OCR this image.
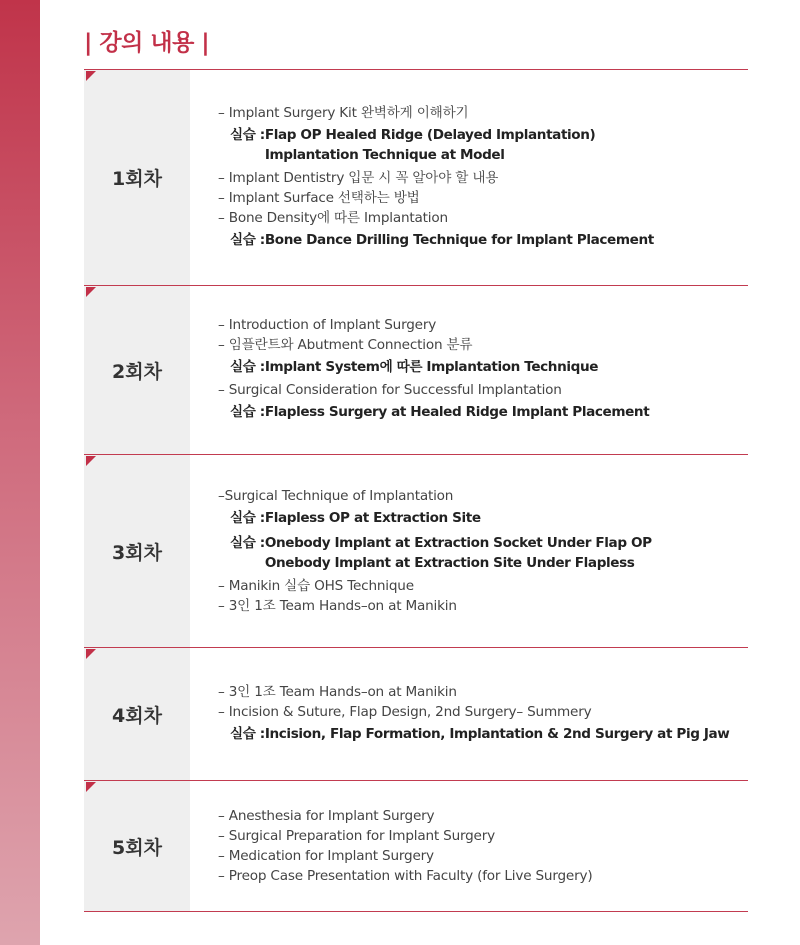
| 강의 내용 |
1회차
– Implant Surgery Kit 완벽하게 이해하기
실습 : Flap OP Healed Ridge (Delayed Implantation)
Implantation Technique at Model
– Implant Dentistry 입문 시 꼭 알아야 할 내용
– Implant Surface 선택하는 방법
– Bone Density에 따른 Implantation
실습 : Bone Dance Drilling Technique for Implant Placement
2회차
– Introduction of Implant Surgery
– 임플란트와 Abutment Connection 분류
실습 : Implant System에 따른 Implantation Technique
– Surgical Consideration for Successful Implantation
실습 : Flapless Surgery at Healed Ridge Implant Placement
3회차
–Surgical Technique of Implantation
실습 : Flapless OP at Extraction Site
실습 : Onebody Implant at Extraction Socket Under Flap OP
Onebody Implant at Extraction Site Under Flapless
– Manikin 실습 OHS Technique
– 3인 1조 Team Hands–on at Manikin
4회차
– 3인 1조 Team Hands–on at Manikin
– Incision & Suture, Flap Design, 2nd Surgery– Summery
실습 : Incision, Flap Formation, Implantation & 2nd Surgery at Pig Jaw
5회차
– Anesthesia for Implant Surgery
– Surgical Preparation for Implant Surgery
– Medication for Implant Surgery
– Preop Case Presentation with Faculty (for Live Surgery)
